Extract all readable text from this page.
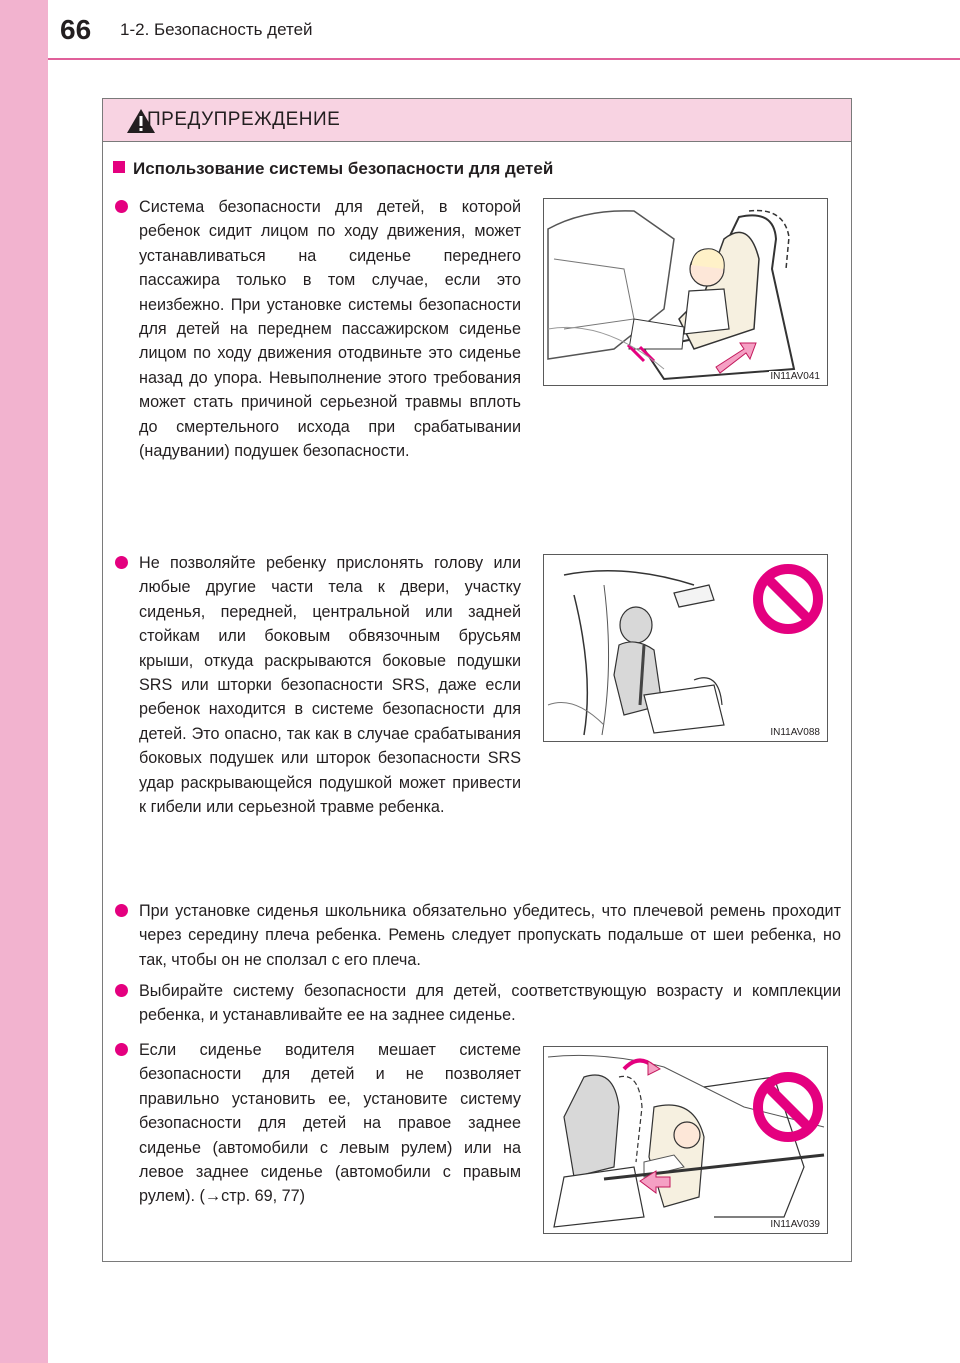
66 1-2. Безопасность детей
ПРЕДУПРЕЖДЕНИЕ
Использование системы безопасности для детей
Система безопасности для детей, в которой ребенок сидит лицом по ходу движения, может устанавливаться на сиденье переднего пассажира только в том случае, если это неизбежно. При установке системы безопасности для детей на переднем пассажирском сиденье лицом по ходу движения отодвиньте это сиденье назад до упора. Невыполнение этого требования может стать причиной серьезной травмы вплоть до смертельного исхода при срабатывании (надувании) подушек безопасности.
IN11AV041
Не позволяйте ребенку прислонять голову или любые другие части тела к двери, участку сиденья, передней, центральной или задней стойкам или боковым обвязочным брусьям крыши, откуда раскрываются боковые подушки SRS или шторки безопасности SRS, даже если ребенок находится в системе безопасности для детей. Это опасно, так как в случае срабатывания боковых подушек или шторок безопасности SRS удар раскрывающейся подушкой может привести к гибели или серьезной травме ребенка.
IN11AV088
При установке сиденья школьника обязательно убедитесь, что плечевой ремень проходит через середину плеча ребенка. Ремень следует пропускать подальше от шеи ребенка, но так, чтобы он не сползал с его плеча.
Выбирайте систему безопасности для детей, соответствующую возрасту и комплекции ребенка, и устанавливайте ее на заднее сиденье.
Если сиденье водителя мешает системе безопасности для детей и не позволяет правильно установить ее, установите систему безопасности для детей на правое заднее сиденье (автомобили с левым рулем) или на левое заднее сиденье (автомобили с правым рулем). (→стр. 69, 77)
IN11AV039
